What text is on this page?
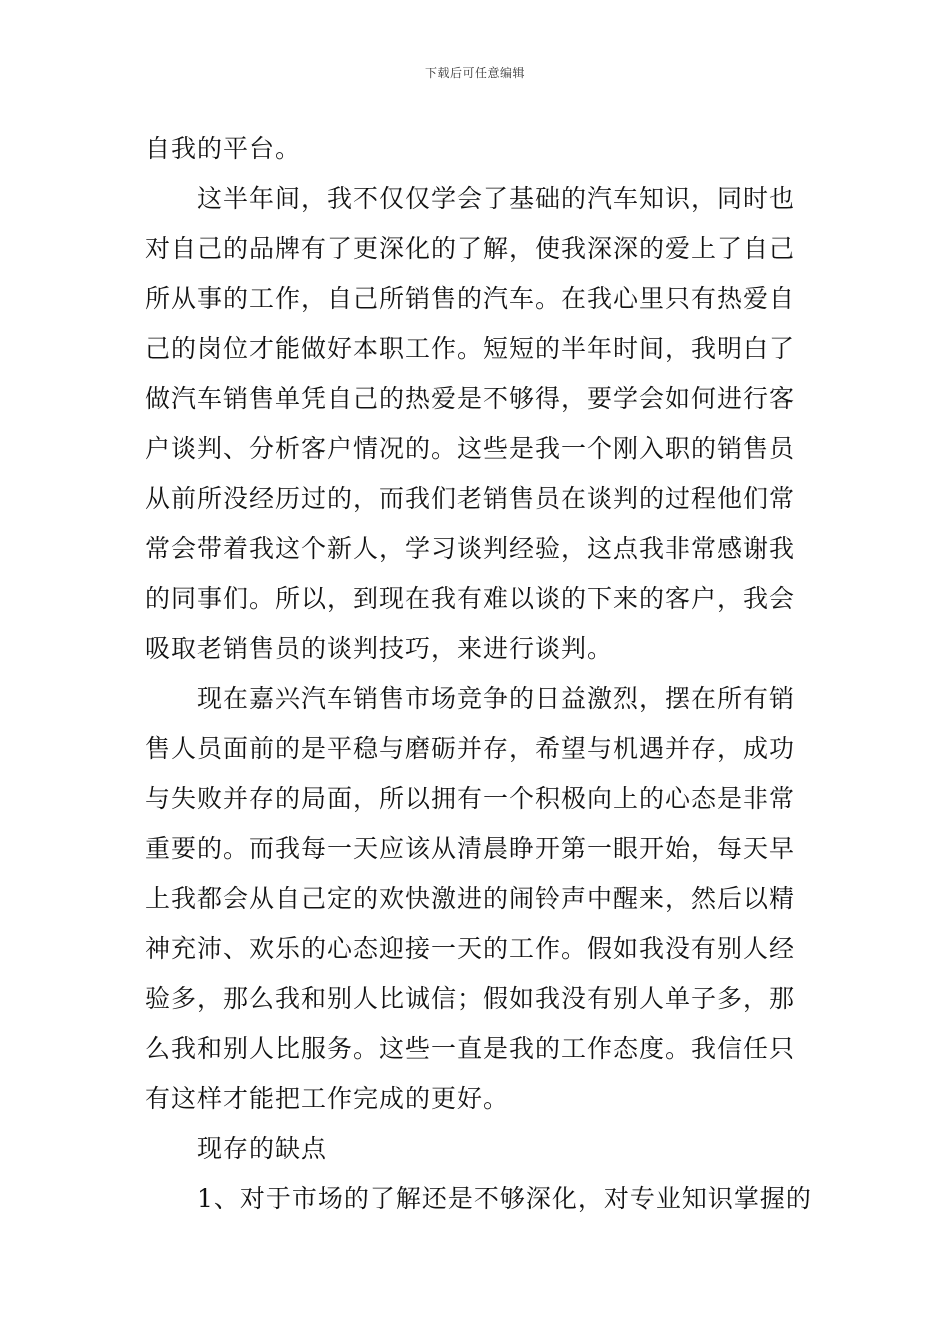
下载后可任意编辑
自我的平台。
这半年间，我不仅仅学会了基础的汽车知识，同时也
对自己的品牌有了更深化的了解，使我深深的爱上了自己
所从事的工作，自己所销售的汽车。在我心里只有热爱自
己的岗位才能做好本职工作。短短的半年时间，我明白了
做汽车销售单凭自己的热爱是不够得，要学会如何进行客
户谈判、分析客户情况的。这些是我一个刚入职的销售员
从前所没经历过的，而我们老销售员在谈判的过程他们常
常会带着我这个新人，学习谈判经验，这点我非常感谢我
的同事们。所以，到现在我有难以谈的下来的客户，我会
吸取老销售员的谈判技巧，来进行谈判。
现在嘉兴汽车销售市场竞争的日益激烈，摆在所有销
售人员面前的是平稳与磨砺并存，希望与机遇并存，成功
与失败并存的局面，所以拥有一个积极向上的心态是非常
重要的。而我每一天应该从清晨睁开第一眼开始，每天早
上我都会从自己定的欢快激进的闹铃声中醒来，然后以精
神充沛、欢乐的心态迎接一天的工作。假如我没有别人经
验多，那么我和别人比诚信；假如我没有别人单子多，那
么我和别人比服务。这些一直是我的工作态度。我信任只
有这样才能把工作完成的更好。
现存的缺点
1、对于市场的了解还是不够深化，对专业知识掌握的
